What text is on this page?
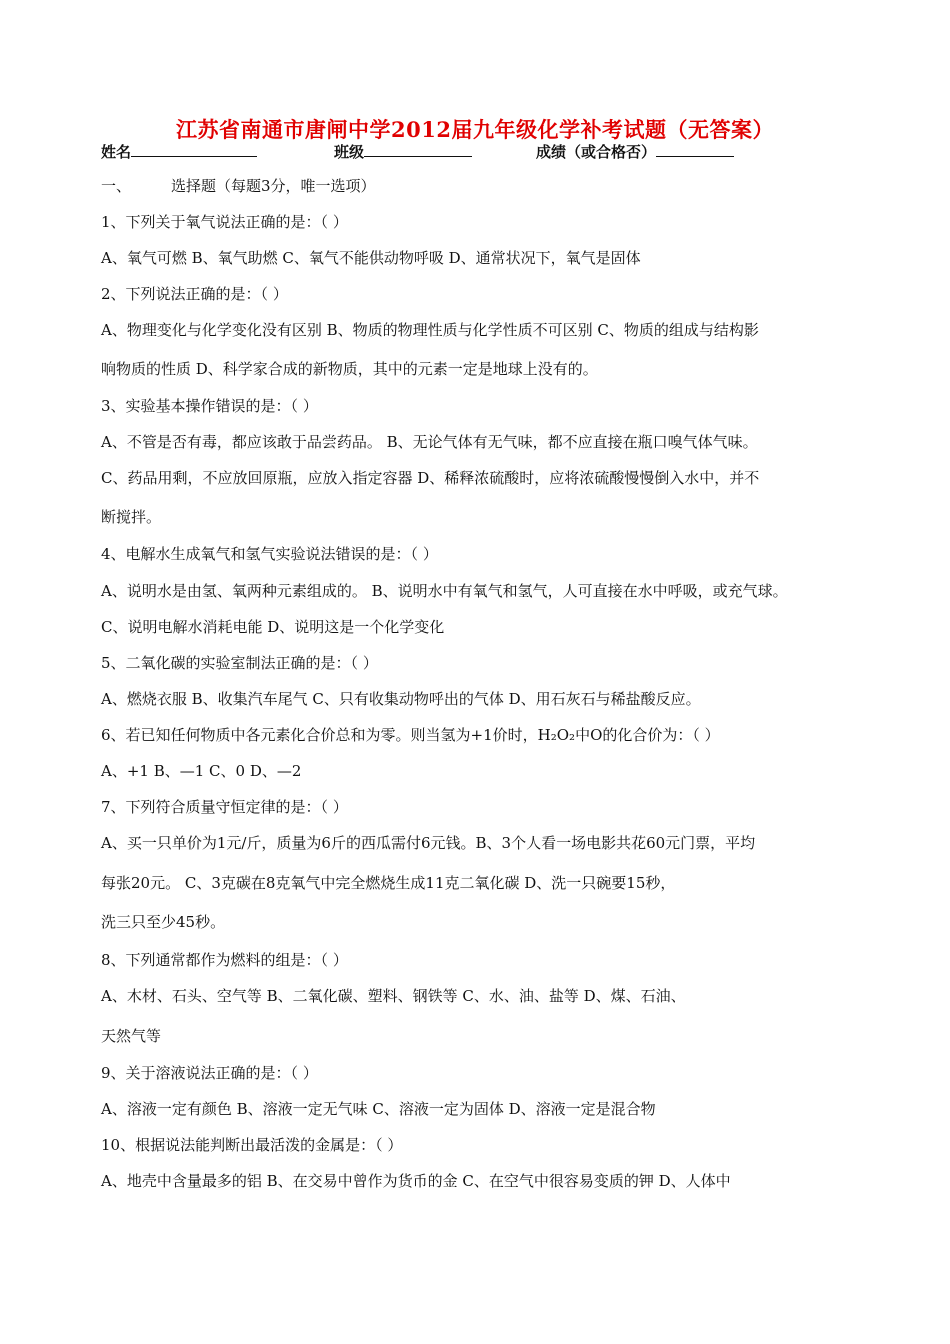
江苏省南通市唐闸中学2012届九年级化学补考试题（无答案）
姓名	班级	成绩（或合格否）
一、	选择题（每题3分，唯一选项）
1、下列关于氧气说法正确的是：（ ）
A、氧气可燃 B、氧气助燃 C、氧气不能供动物呼吸 D、通常状况下，氧气是固体
2、下列说法正确的是：（ ）
A、物理变化与化学变化没有区别 B、物质的物理性质与化学性质不可区别 C、物质的组成与结构影
响物质的性质 D、科学家合成的新物质，其中的元素一定是地球上没有的。
3、实验基本操作错误的是：（ ）
A、不管是否有毒，都应该敢于品尝药品。 B、无论气体有无气味，都不应直接在瓶口嗅气体气味。
C、药品用剩，不应放回原瓶，应放入指定容器 D、稀释浓硫酸时，应将浓硫酸慢慢倒入水中，并不
断搅拌。
4、电解水生成氧气和氢气实验说法错误的是：（ ）
A、说明水是由氢、氧两种元素组成的。 B、说明水中有氧气和氢气，人可直接在水中呼吸，或充气球。
C、说明电解水消耗电能 D、说明这是一个化学变化
5、二氧化碳的实验室制法正确的是：（ ）
A、燃烧衣服 B、收集汽车尾气 C、只有收集动物呼出的气体 D、用石灰石与稀盐酸反应。
6、若已知任何物质中各元素化合价总和为零。则当氢为+1价时，H₂O₂中O的化合价为：（ ）
A、+1 B、—1 C、0 D、—2
7、下列符合质量守恒定律的是：（ ）
A、买一只单价为1元/斤，质量为6斤的西瓜需付6元钱。B、3个人看一场电影共花60元门票，平均
每张20元。 C、3克碳在8克氧气中完全燃烧生成11克二氧化碳 D、洗一只碗要15秒，
洗三只至少45秒。
8、下列通常都作为燃料的组是：（ ）
A、木材、石头、空气等 B、二氧化碳、塑料、钢铁等 C、水、油、盐等 D、煤、石油、
天然气等
9、关于溶液说法正确的是：（ ）
A、溶液一定有颜色 B、溶液一定无气味 C、溶液一定为固体 D、溶液一定是混合物
10、根据说法能判断出最活泼的金属是：（ ）
A、地壳中含量最多的铝 B、在交易中曾作为货币的金 C、在空气中很容易变质的钾 D、人体中
